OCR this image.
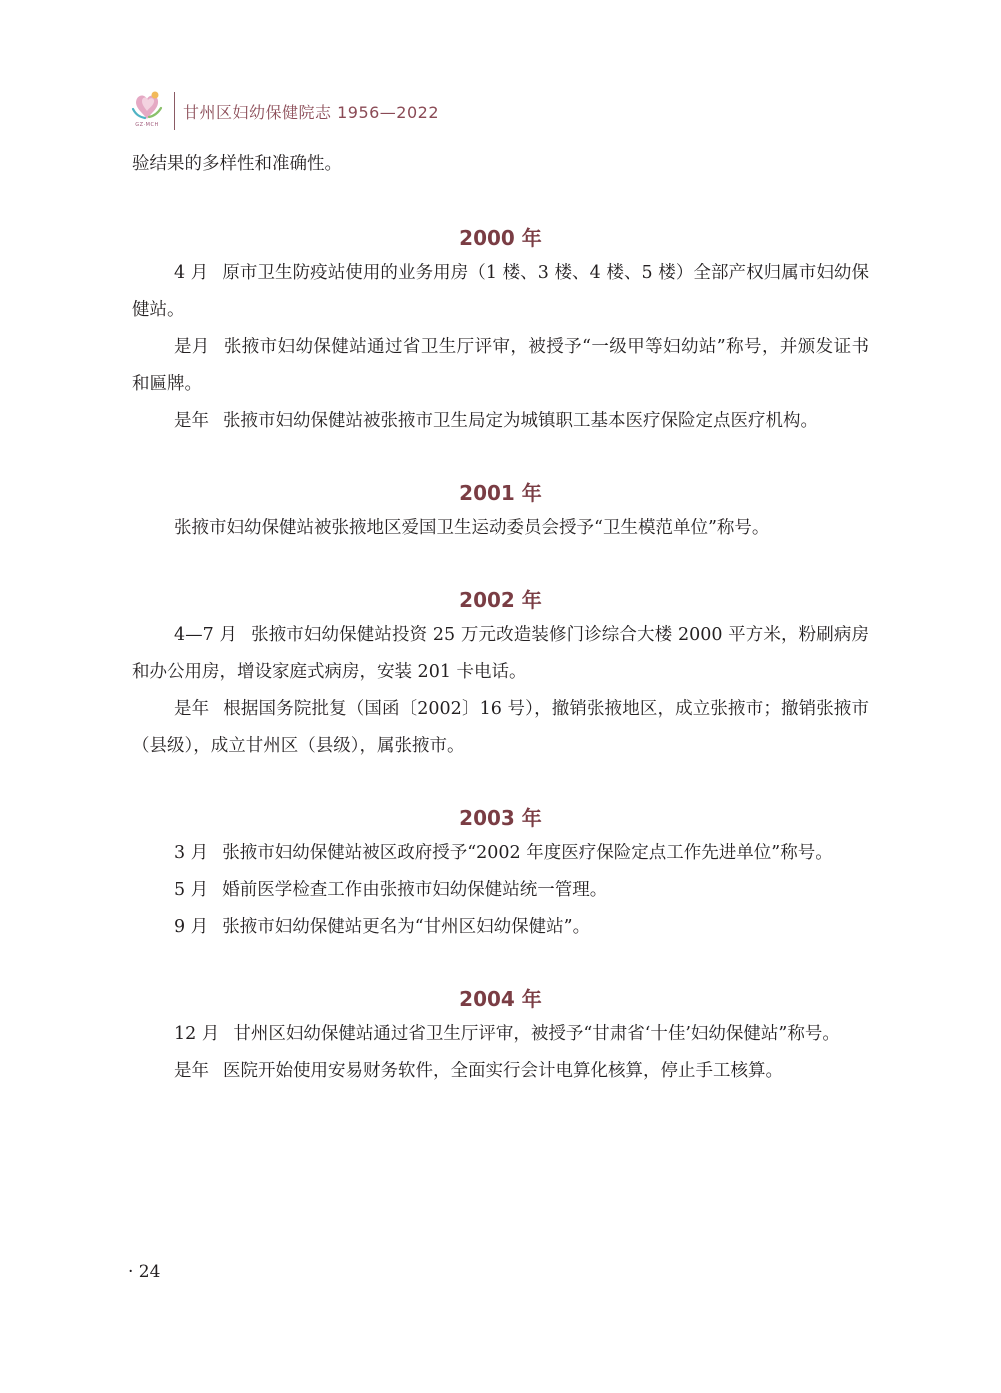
GZ·MCH
甘州区妇幼保健院志 1956—2022

验结果的多样性和准确性。

2000 年

4 月 原市卫生防疫站使用的业务用房（1 楼、3 楼、4 楼、5 楼）全部产权归属市妇幼保健站。

是月 张掖市妇幼保健站通过省卫生厅评审，被授予“一级甲等妇幼站”称号，并颁发证书和匾牌。

是年 张掖市妇幼保健站被张掖市卫生局定为城镇职工基本医疗保险定点医疗机构。

2001 年

张掖市妇幼保健站被张掖地区爱国卫生运动委员会授予“卫生模范单位”称号。

2002 年

4—7 月 张掖市妇幼保健站投资 25 万元改造装修门诊综合大楼 2000 平方米，粉刷病房和办公用房，增设家庭式病房，安装 201 卡电话。

是年 根据国务院批复（国函〔2002〕16 号），撤销张掖地区，成立张掖市；撤销张掖市（县级），成立甘州区（县级），属张掖市。

2003 年

3 月 张掖市妇幼保健站被区政府授予“2002 年度医疗保险定点工作先进单位”称号。

5 月 婚前医学检查工作由张掖市妇幼保健站统一管理。

9 月 张掖市妇幼保健站更名为“甘州区妇幼保健站”。

2004 年

12 月 甘州区妇幼保健站通过省卫生厅评审，被授予“甘肃省‘十佳’妇幼保健站”称号。

是年 医院开始使用安易财务软件，全面实行会计电算化核算，停止手工核算。

· 24
